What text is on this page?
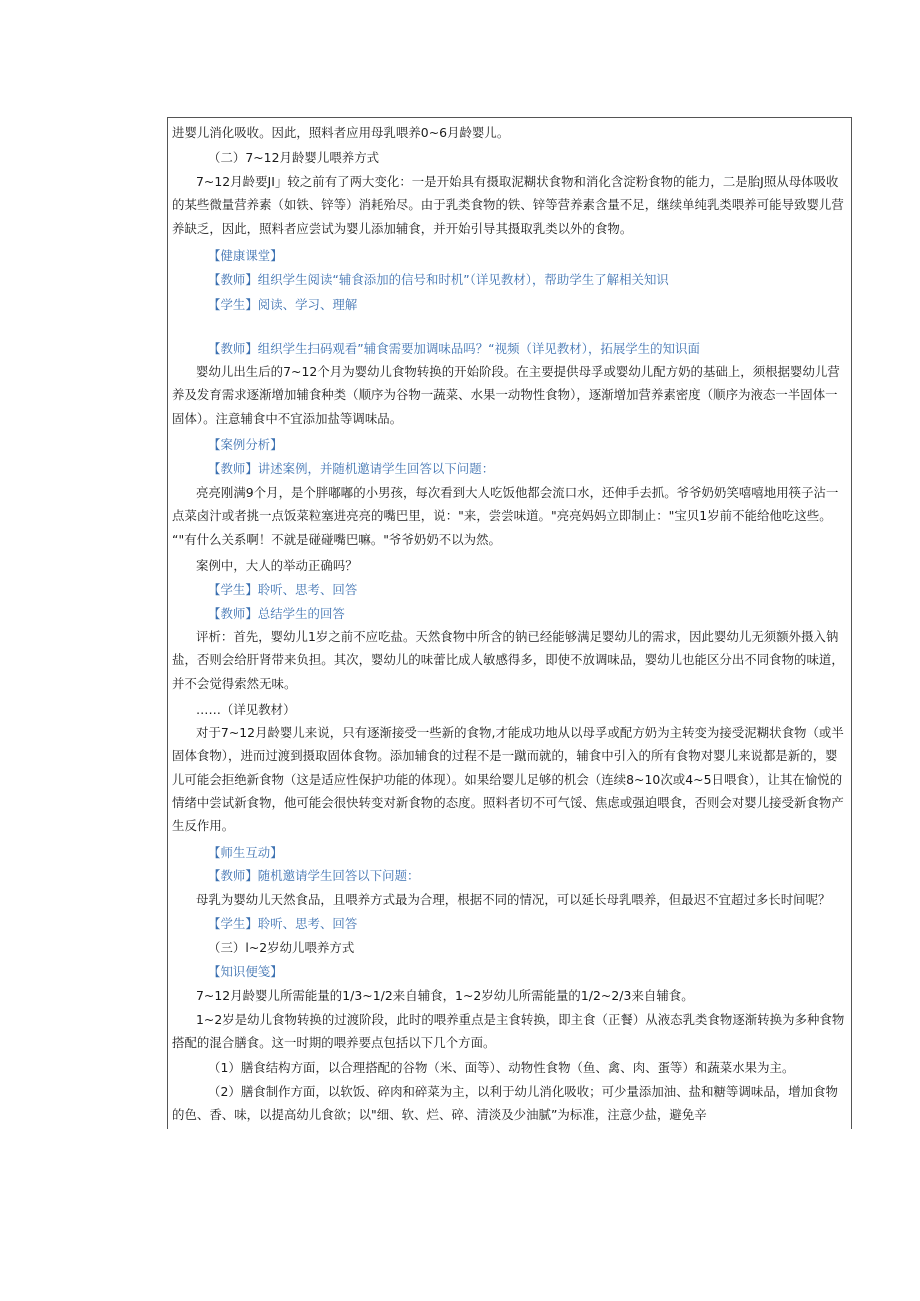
进婴儿消化吸收。因此，照料者应用母乳喂养0~6月龄婴儿。
（二）7~12月龄婴儿喂养方式
7~12月龄要JI」较之前有了两大变化：一是开始具有摄取泥糊状食物和消化含淀粉食物的能力，二是胎J照从母体吸收的某些微量营养素（如铁、锌等）消耗殆尽。由于乳类食物的铁、锌等营养素含量不足，继续单纯乳类喂养可能导致婴儿营养缺乏，因此，照料者应尝试为婴儿添加辅食，并开始引导其摄取乳类以外的食物。
【健康课堂】
【教师】组织学生阅读“辅食添加的信号和时机”（详见教材），帮助学生了解相关知识
【学生】阅读、学习、理解
【教师】组织学生扫码观看”辅食需要加调味品吗？“视频（详见教材），拓展学生的知识面
婴幼儿出生后的7~12个月为婴幼儿食物转换的开始阶段。在主要提供母孚或婴幼儿配方奶的基础上，须根据婴幼儿营养及发育需求逐渐增加辅食种类（顺序为谷物一蔬菜、水果一动物性食物），逐渐增加营养素密度（顺序为液态一半固体一固体）。注意辅食中不宜添加盐等调味品。
【案例分析】
【教师】讲述案例，并随机邀请学生回答以下问题：
亮亮刚满9个月，是个胖嘟嘟的小男孩，每次看到大人吃饭他都会流口水，还伸手去抓。爷爷奶奶笑嘻嘻地用筷子沾一点菜卤汁或者挑一点饭菜粒塞进亮亮的嘴巴里，说："来，尝尝味道。"亮亮妈妈立即制止："宝贝1岁前不能给他吃这些。 “"有什么关系啊！不就是碰碰嘴巴嘛。"爷爷奶奶不以为然。
案例中，大人的举动正确吗？
【学生】聆听、思考、回答
【教师】总结学生的回答
评析：首先，婴幼儿1岁之前不应吃盐。天然食物中所含的钠已经能够满足婴幼儿的需求，因此婴幼儿无须额外摄入钠盐，否则会给肝肾带来负担。其次，婴幼儿的味蕾比成人敏感得多，即使不放调味品，婴幼儿也能区分出不同食物的味道，并不会觉得索然无味。
……（详见教材）
对于7~12月龄婴儿来说，只有逐渐接受一些新的食物,才能成功地从以母孚或配方奶为主转变为接受泥糊状食物（或半固体食物），进而过渡到摄取固体食物。添加辅食的过程不是一蹴而就的，辅食中引入的所有食物对婴儿来说都是新的，婴儿可能会拒绝新食物（这是适应性保护功能的体现）。如果给婴儿足够的机会（连续8~10次或4~5日喂食），让其在愉悦的情绪中尝试新食物，他可能会很快转变对新食物的态度。照料者切不可气馁、焦虑或强迫喂食，否则会对婴儿接受新食物产生反作用。
【师生互动】
【教师】随机邀请学生回答以下问题：
母乳为婴幼儿天然食品，且喂养方式最为合理，根据不同的情况，可以延长母乳喂养，但最迟不宜超过多长时间呢？
【学生】聆听、思考、回答
（三）l~2岁幼儿喂养方式
【知识便笺】
7~12月龄婴儿所需能量的1/3~1/2来自辅食，1~2岁幼儿所需能量的1/2~2/3来自辅食。
1~2岁是幼儿食物转换的过渡阶段，此时的喂养重点是主食转换，即主食（正餐）从液态乳类食物逐渐转换为多种食物搭配的混合膳食。这一时期的喂养要点包括以下几个方面。
（1）膳食结构方面，以合理搭配的谷物（米、面等）、动物性食物（鱼、禽、肉、蛋等）和蔬菜水果为主。
（2）膳食制作方面，以软饭、碎肉和碎菜为主，以利于幼儿消化吸收；可少量添加油、盐和糖等调味品，增加食物的色、香、味，以提高幼儿食欲；以"细、软、烂、碎、清淡及少油腻”为标准，注意少盐，避免辛
